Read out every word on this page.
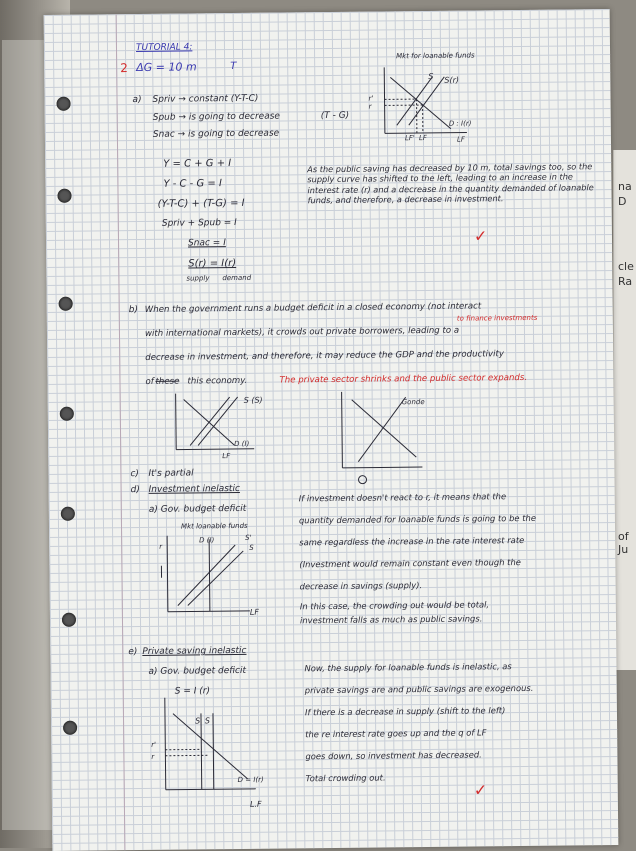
na
D
cle
Ra
of Ju
TUTORIAL 4:
2 ΔG = 10 m	T
a) Spriv → constant (Y-T-C)
Spub → is going to decrease
Snac → is going to decrease
(T - G)
Y = C + G + I
Y - C - G = I
(Y-T-C) + (T-G) = I
Spriv + Spub = I
Snac = I
S(r) = I(r)
supply demand
Mkt for loanable funds
S S(r)
D : I(r)
r'
r
LF' LF	LF
As the public saving has decreased by 10 m, total savings too, so the supply curve has shifted to the left, leading to an increase in the interest rate (r) and a decrease in the quantity demanded of loanable funds, and therefore, a decrease in investment.
✓
b) When the government runs a budget deficit in a closed economy (not interact
to finance investments
with international markets), it crowds out private borrowers, leading to a
decrease in investment, and therefore, it may reduce the GDP and the productivity
of these this economy.	The private sector shrinks and the public sector expands.
S (S)
D (I)
LF
Gonde
c) It's partial
d) Investment inelastic
a) Gov. budget deficit
Mkt loanable funds
D (I)	S'
S
r
LF
If investment doesn't react to r, it means that the
quantity demanded for loanable funds is going to be the
same regardless the increase in the rate interest rate
(Investment would remain constant even though the
decrease in savings (supply).
In this case, the crowding out would be total,
investment falls as much as public savings.
e) Private saving inelastic
a) Gov. budget deficit
S = I (r)
S' S
D = I(r)
r'
r
L.F
Now, the supply for loanable funds is inelastic, as
private savings are and public savings are exogenous.
If there is a decrease in supply (shift to the left)
the re interest rate goes up and the q of LF
goes down, so investment has decreased.
Total crowding out.
✓
